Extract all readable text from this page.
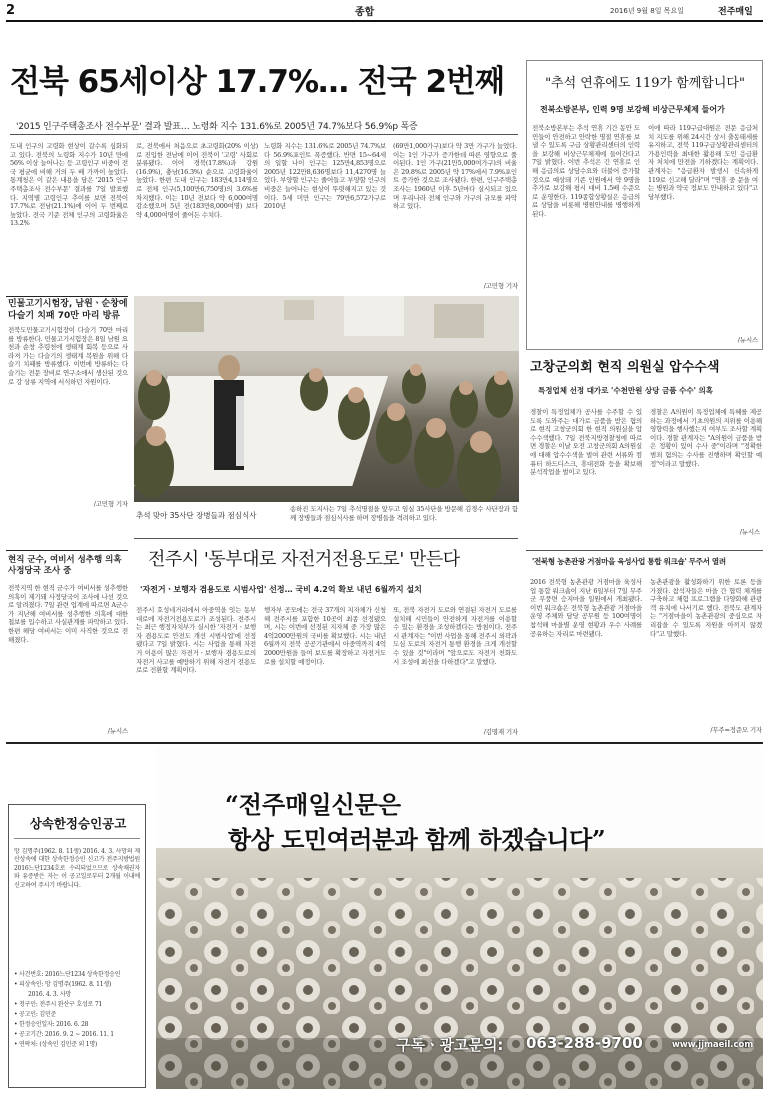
2	종합	2016년 9월 8일 목요일	전주매일
전북 65세이상 17.7%… 전국 2번째
'2015 인구주택총조사 전수부문' 결과 발표… 노령화 지수 131.6%로 2005년 74.7%보다 56.9%p 폭증
도내 인구의 고령화 현상이 갈수록 심화되고 있다. 전북의 노령화 지수가 10년 만에 56% 이상 늘어나는 등 고령인구 비중이 전국 평균에 비해 거의 두 배 가까이 높았다. 통계청은 이 같은 내용을 담은 '2015 인구주택총조사 전수부문' 결과를 7일 발표했다. 지역별 고령인구 추이를 보면 전북이 17.7%로 전남(21.1%)에 이어 두 번째로 높았다. 전국 기준 전체 인구의 고령화율은 13.2%
로, 전북에서 처음으로 초고령화(20% 이상)로 진입한 전남에 이어 전북이 '고령' 사회로 분류됐다. 이어 경북(17.8%)과 강원(16.9%), 충남(16.3%) 순으로 고령화율이 높았다. 한편 도내 인구는 183만4,114명으로 전체 인구(5,100만6,750명)의 3.6%를 차지했다. 이는 10년 전보다 약 6,000여명 감소했으며 5년 전(183만8,000여명) 보다 약 4,000여명이 줄어든 수치다.
노령화 지수는 131.6%로 2005년 74.7%보다 56.9%포인트 폭증했다. 반면 15~64세의 일할 나이 인구는 125만4,853명으로 2005년 122만8,636명보다 11,4270명 늘었다. 부양할 인구는 줄어들고 부양할 인구의 비중은 늘어나는 현상이 뚜렷해지고 있는 것이다. 5세 미만 인구는 79만6,572가구로 2010년
(69만1,000가구)보다 약 3만 가구가 늘었다. 이는 1인 가구가 증가한데 따른 영향으로 풀이된다. 1인 가구(21만5,000여가구)의 비율은 29.8%로 2005년 약 17%에서 7.9%포인트 증가한 것으로 조사됐다. 한편, 인구주택총조사는 1960년 이후 5년마다 실시되고 있으며 우리나라 전체 인구와 가구의 규모를 파악하고 있다.
/고민형 기자
"추석 연휴에도 119가 함께합니다"
전북소방본부, 인력 9명 보강해 비상근무체제 들어가
전북소방본부는 추석 연휴 기간 동안 도민들이 안전하고 안락한 명절 연휴를 보낼 수 있도록 구급 상황관리센터의 인력을 보강해 비상근무체제에 들어간다고 7일 밝혔다. 이번 추석은 긴 연휴로 인해 응급의료 상담수요와 더불어 증가할 것으로 예상돼 기존 인원에서 약 9명을 추가로 보강해 평시 대비 1.5배 수준으로 운영한다. 119종합상황실은 응급의료 상담을 비롯해 병원안내를 병행하게 된다.
이에 따라 119구급대원은 전문 응급처치 지도를 위해 24시간 상시 출동태세를 유지하고, 전북 119구급상황관리센터의 가용인력을 최대한 활용해 도민 응급환자 처치에 만전을 기하겠다는 계획이다. 관계자는 "응급환자 발생시 신속하게 119로 신고해 달라"며 "연휴 중 문을 여는 병원과 약국 정보도 안내하고 있다"고 당부했다.
/뉴시스
민물고기시험장, 남원ㆍ순창에 다슬기 치패 70만 마리 방류
전북도민물고기시험장이 다슬기 70만 마리를 방류한다. 민물고기시험장은 8일 남원 요천과 순창 추령천에 생태계 회복 등으로 사라져 가는 다슬기의 생태계 복원을 위해 다슬기 치패를 방류했다. 이번에 방류하는 다슬기는 전문 장비로 연구소에서 생산된 것으로 강 상류 지역에 서식하던 자원이다.
/고민형 기자
추석 맞아 35사단 장병들과 점심식사
송하진 도지사는 7일 추석명절을 앞두고 임실 35사단을 방문해 김경수 사단장과 함께 장병들과 점심식사를 하며 장병들을 격려하고 있다.
고창군의회 현직 의원실 압수수색
특정업체 선정 대가로 '수천만원 상당 금품 수수' 의혹
경찰이 특정업체가 공사를 수주할 수 있도록 도와주는 대가로 금품을 받은 혐의로 현직 고창군의회 한 현직 의원실을 압수수색했다. 7일 전북지방경찰청에 따르면 경찰은 이날 오전 고창군의회 A의원실에 대해 압수수색을 벌여 관련 서류와 컴퓨터 하드디스크, 휴대전화 등을 확보해 분석작업을 벌이고 있다.
경찰은 A의원이 특정업체에 특혜를 제공하는 과정에서 기초의원의 지위를 이용해 영향력을 행사했는지 여부도 조사할 계획이다. 경찰 관계자는 "A의원이 금품을 받은 정황이 있어 수사 중"이라며 "정확한 범죄 혐의는 수사를 진행하며 확인할 예정"이라고 말했다.
/뉴시스
현직 군수, 여비서 성추행 의혹 사정당국 조사 중
전북지역 한 현직 군수가 여비서를 성추행한 의혹이 제기돼 사정당국이 조사에 나선 것으로 알려졌다. 7일 관련 업계에 따르면 A군수가 지난해 여비서를 성추행한 의혹에 대한 첩보를 입수하고 사실관계를 파악하고 있다. 한편 해당 여비서는 이미 사직한 것으로 전해졌다.
/뉴시스
전주시 '동부대로 자전거전용도로' 만든다
'자전거ㆍ보행자 겸용도로 시범사업' 선정… 국비 4.2억 확보 내년 6월까지 설치
전주시 호성네거리에서 아중역을 잇는 동부대로에 자전거전용도로가 조성된다. 전주시는 최근 행정자치부가 실시한 '자전거ㆍ보행자 겸용도로 안전도 개선 시범사업'에 선정됐다고 7일 밝혔다. 시는 사업을 통해 자전거 이용이 많은 자전거ㆍ보행자 겸용도로의 자전거 사고를 예방하기 위해 자전거 전용도로로 전환할 계획이다.
행자부 공모에는 전국 37개의 지자체가 신청해 전주시를 포함한 10곳이 최종 선정됐으며, 시는 이번에 선정된 지자체 중 가장 많은 4억2000만원의 국비를 확보했다. 시는 내년 6월까지 전북 공공기관에서 아중역까지 4억2000만원을 들여 보도를 확장하고 자전거도로를 설치할 예정이다.
또, 전북 자전거 도로와 연결된 자전거 도로를 설치해 시민들이 안전하게 자전거를 이용할 수 있는 환경을 조성하겠다는 방침이다. 전주시 관계자는 "이번 사업을 통해 전주시 외곽과 도심 도로의 자전거 통행 환경을 크게 개선할 수 있을 것"이라며 "앞으로도 자전거 친화도시 조성에 최선을 다하겠다"고 말했다.
/김명재 기자
'전북형 농촌관광 거점마을 육성사업 통합 워크숍' 무주서 열려
2016 전북형 농촌관광 거점마을 육성사업 통합 워크숍이 지난 6일부터 7일 무주군 무풍면 승지마을 일원에서 개최됐다. 이번 워크숍은 전북형 농촌관광 거점마을 운영 주체와 담당 공무원 등 100여명이 참석해 마을별 운영 현황과 우수 사례를 공유하는 자리로 마련됐다.
농촌관광을 활성화하기 위한 토론 등을 가졌다. 참석자들은 마을 간 협력 체계를 구축하고 체험 프로그램을 다양화해 관광객 유치에 나서기로 했다. 전북도 관계자는 "거점마을이 농촌관광의 중심으로 자리잡을 수 있도록 지원을 아끼지 않겠다"고 말했다.
/무주=정준모 기자
상속한정승인공고
망 김명주(1962. 8. 11생) 2016. 4. 3. 사망의 재산상속에 대한 상속한정승인 신고가 전주지방법원 2016느단1234호로 수리되었으므로 상속채권자와 유증받은 자는 이 공고일로부터 2개월 이내에 신고하여 주시기 바랍니다.
• 사건번호: 2016느단1234 상속한정승인
• 피상속인: 망 김명주(1962. 8. 11생)
2016. 4. 3. 사망
• 청구인: 전주시 완산구 호성로 71
• 공고인: 김민준
• 한정승인일자: 2016. 6. 28
• 공고기간: 2016. 9. 2 ~ 2016. 11. 1
• 연락처: (상속인 김민준 외 1명)
“전주매일신문은
항상 도민여러분과 함께 하겠습니다”
구독ㆍ광고문의: 063-288-9700	www.jjmaeil.com
